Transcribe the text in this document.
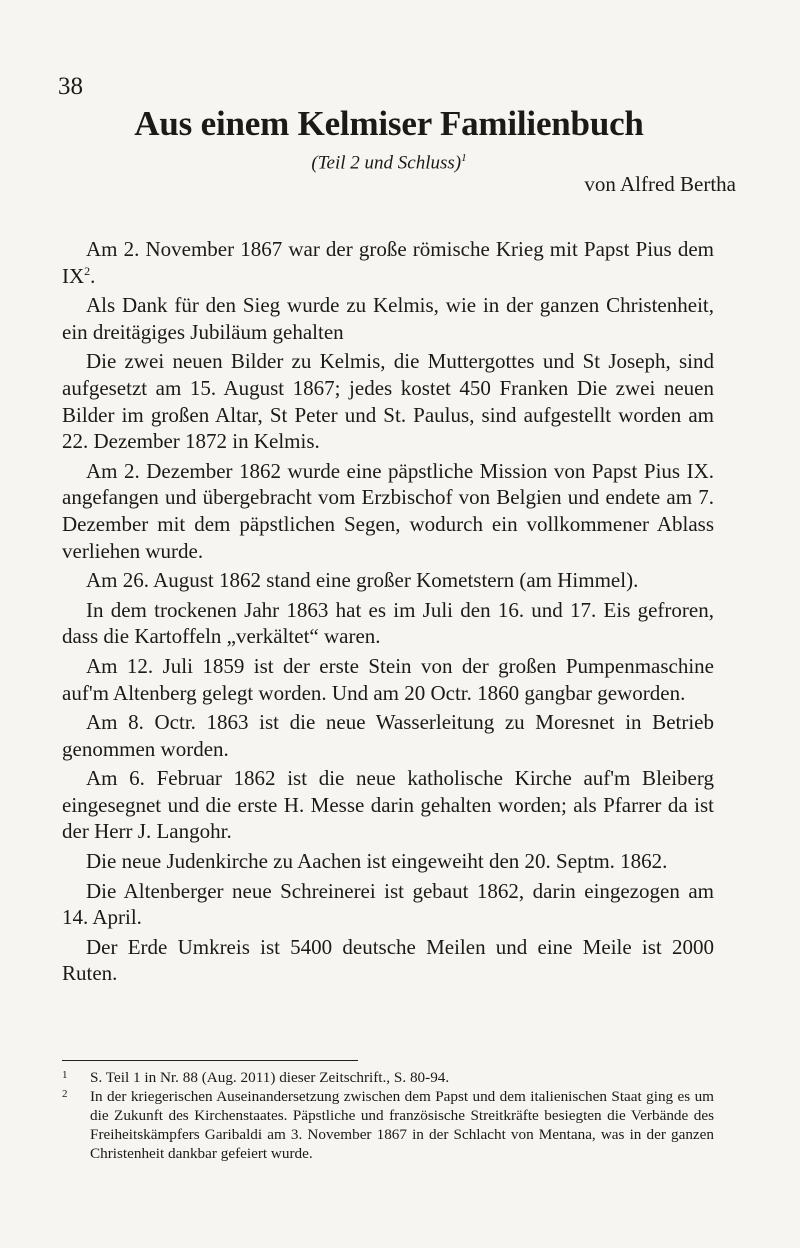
38
Aus einem Kelmiser Familienbuch
(Teil 2 und Schluss)$^1$
von Alfred Bertha

Am 2. November 1867 war der große römische Krieg mit Papst Pius dem $IX^2$.

Als Dank für den Sieg wurde zu Kelmis, wie in der ganzen Christenheit, ein dreitägiges Jubiläum gehalten

Die zwei neuen Bilder zu Kelmis, die Muttergottes und St Joseph, sind aufgesetzt am 15. August 1867; jedes kostet 450 Franken Die zwei neuen Bilder im großen Altar, St Peter und St. Paulus, sind aufgestellt worden am 22. Dezember 1872 in Kelmis.

Am 2. Dezember 1862 wurde eine päpstliche Mission von Papst Pius IX. angefangen und übergebracht vom Erzbischof von Belgien und endete am 7. Dezember mit dem päpstlichen Segen, wodurch ein vollkommener Ablass verliehen wurde.

Am 26. August 1862 stand eine großer Kometstern (am Himmel).

In dem trockenen Jahr 1863 hat es im Juli den 16. und 17. Eis gefroren, dass die Kartoffeln „verkältet“ waren.

Am 12. Juli 1859 ist der erste Stein von der großen Pumpenmaschine auf'm Altenberg gelegt worden. Und am 20 Octr. 1860 gangbar geworden.

Am 8. Octr. 1863 ist die neue Wasserleitung zu Moresnet in Betrieb genommen worden.

Am 6. Februar 1862 ist die neue katholische Kirche auf'm Bleiberg eingesegnet und die erste H. Messe darin gehalten worden; als Pfarrer da ist der Herr J. Langohr.

Die neue Judenkirche zu Aachen ist eingeweiht den 20. Septm. 1862.

Die Altenberger neue Schreinerei ist gebaut 1862, darin eingezogen am 14. April.

Der Erde Umkreis ist 5400 deutsche Meilen und eine Meile ist 2000 Ruten.

1 S. Teil 1 in Nr. 88 (Aug. 2011) dieser Zeitschrift., S. 80-94.
2 In der kriegerischen Auseinandersetzung zwischen dem Papst und dem italienischen Staat ging es um die Zukunft des Kirchenstaates. Päpstliche und französische Streitkräfte besiegten die Verbände des Freiheitskämpfers Garibaldi am 3. November 1867 in der Schlacht von Mentana, was in der ganzen Christenheit dankbar gefeiert wurde.
